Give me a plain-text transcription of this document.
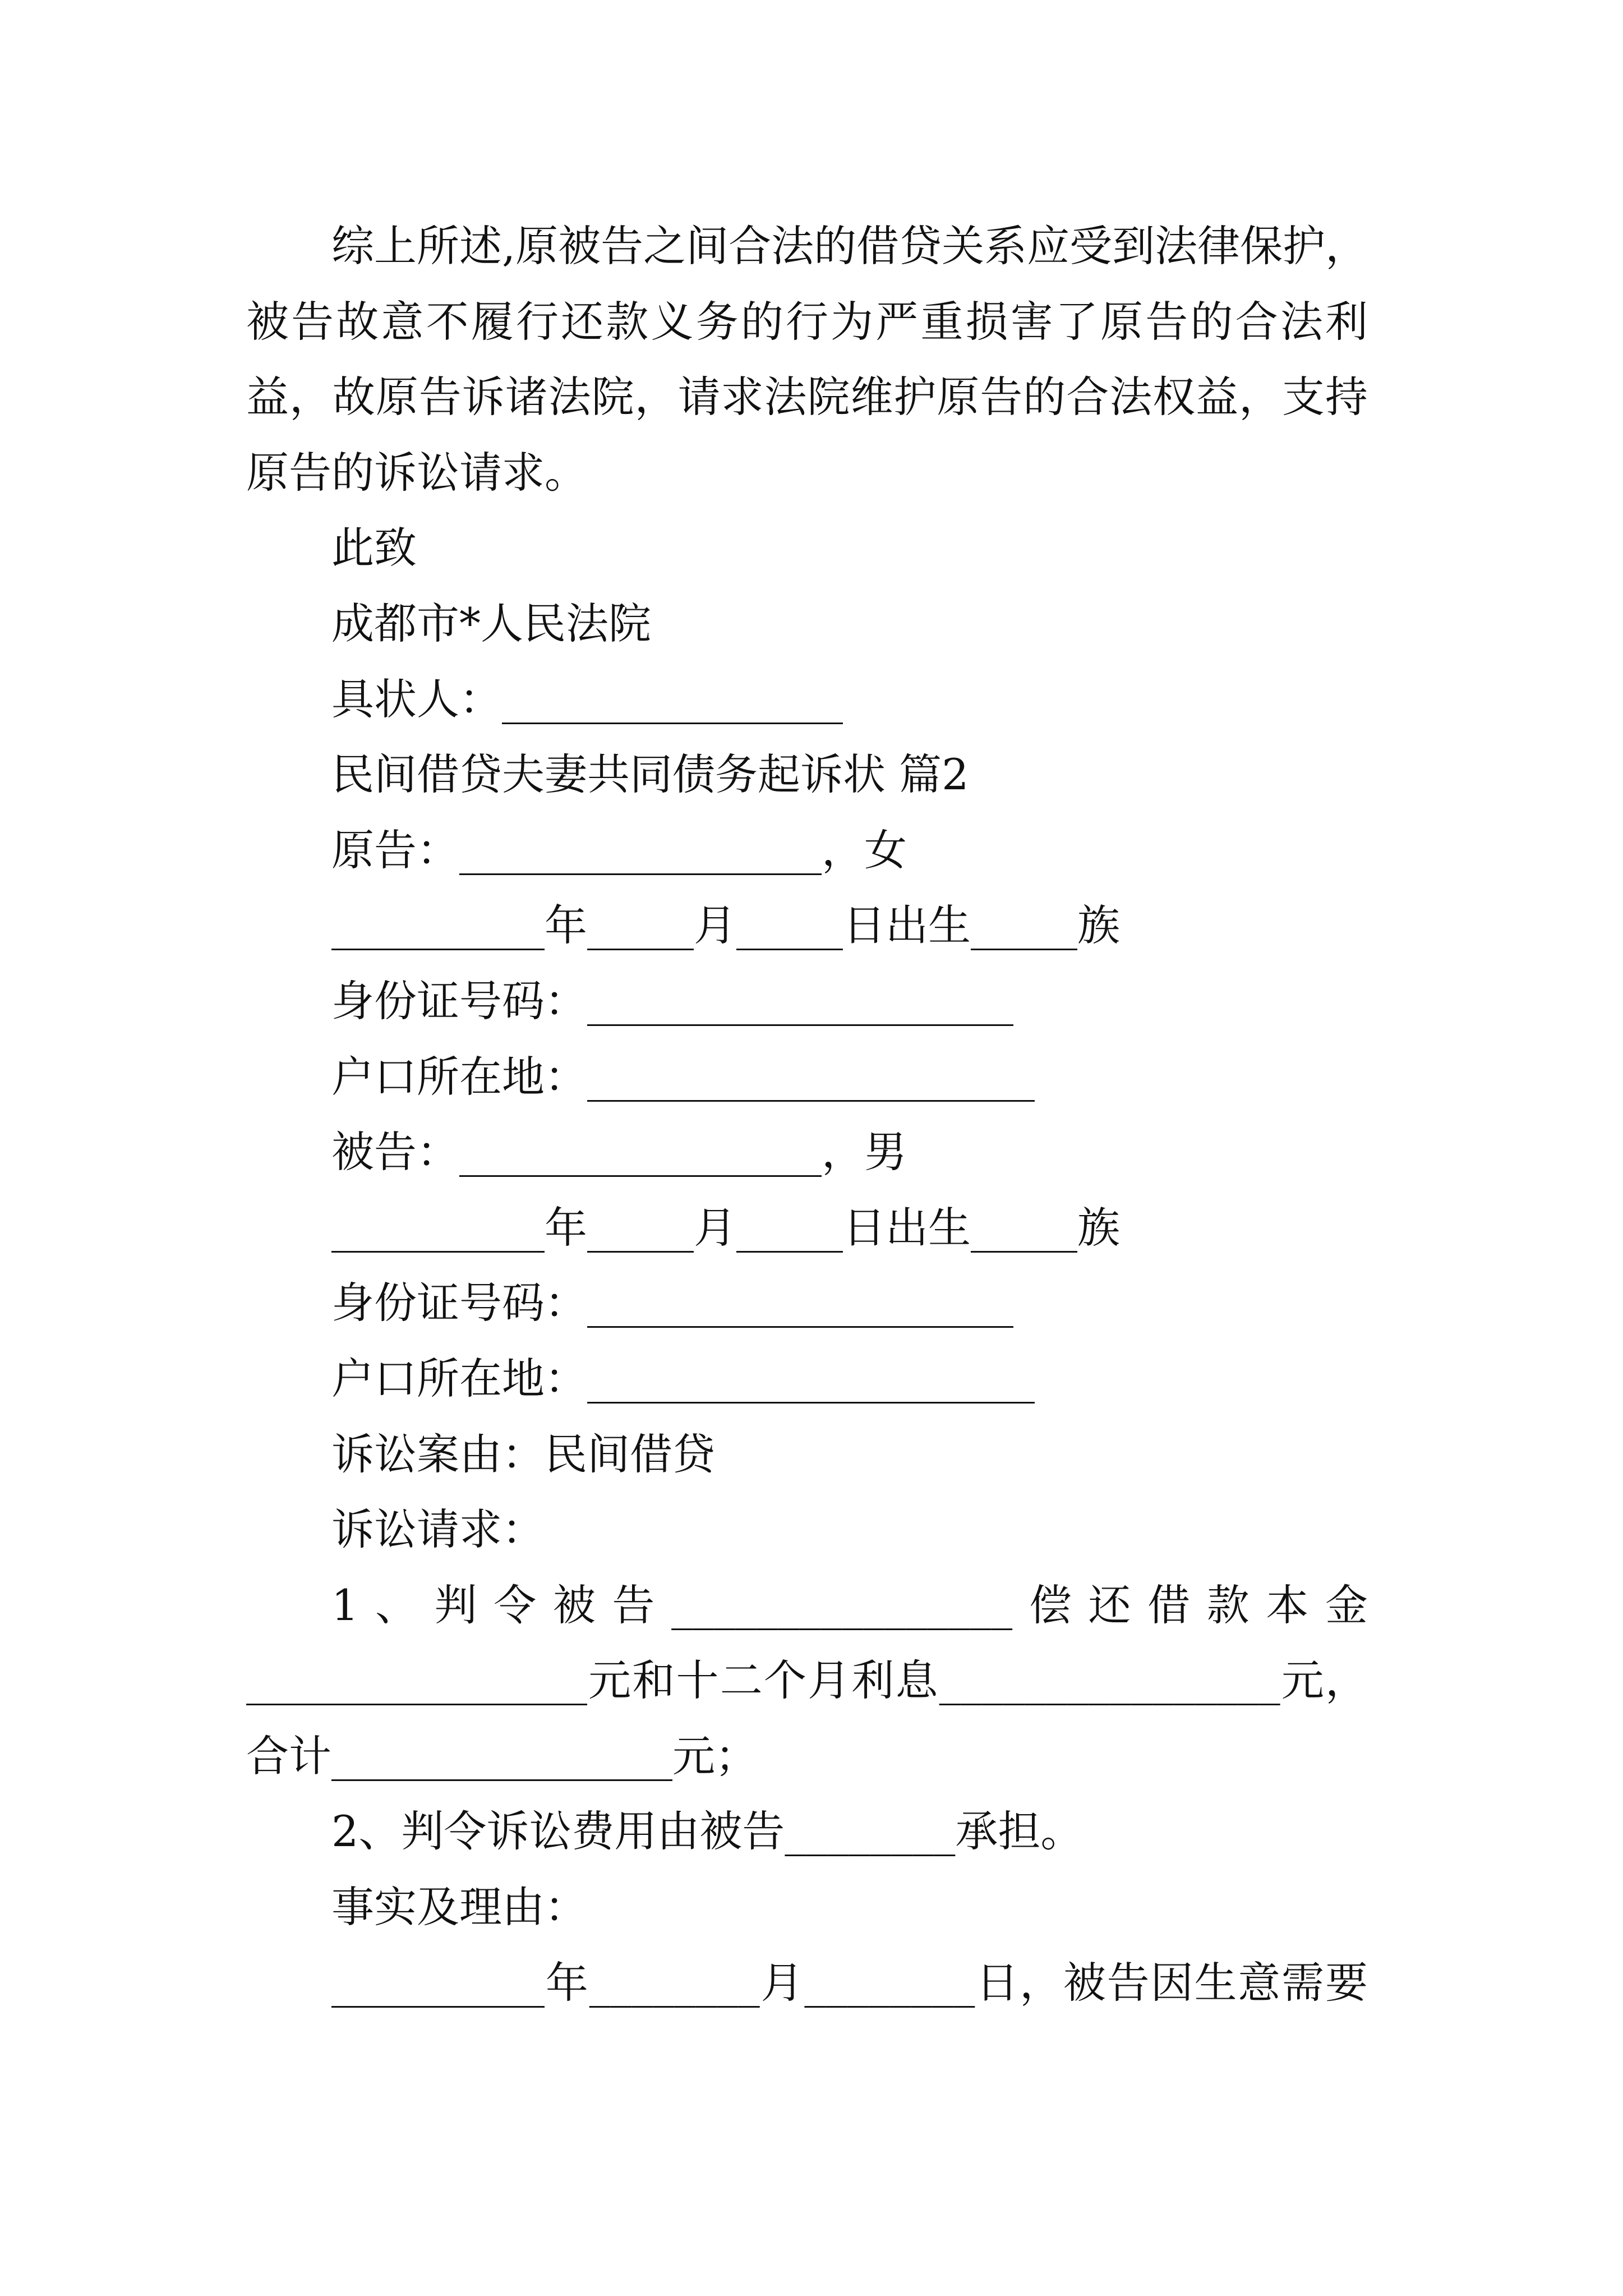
综上所述,原被告之间合法的借贷关系应受到法律保护，
被告故意不履行还款义务的行为严重损害了原告的合法利
益，故原告诉诸法院，请求法院维护原告的合法权益，支持
原告的诉讼请求。
此致
成都市*人民法院
具状人：________________
民间借贷夫妻共同债务起诉状 篇2
原告：_________________，女
__________年_____月_____日出生_____族
身份证号码：____________________
户口所在地：_____________________
被告：_________________，男
__________年_____月_____日出生_____族
身份证号码：____________________
户口所在地：_____________________
诉讼案由：民间借贷
诉讼请求：
1、判令被告________________偿还借款本金
________________元和十二个月利息________________元，
合计________________元；
2、判令诉讼费用由被告________承担。
事实及理由：
__________年________月________日，被告因生意需要
